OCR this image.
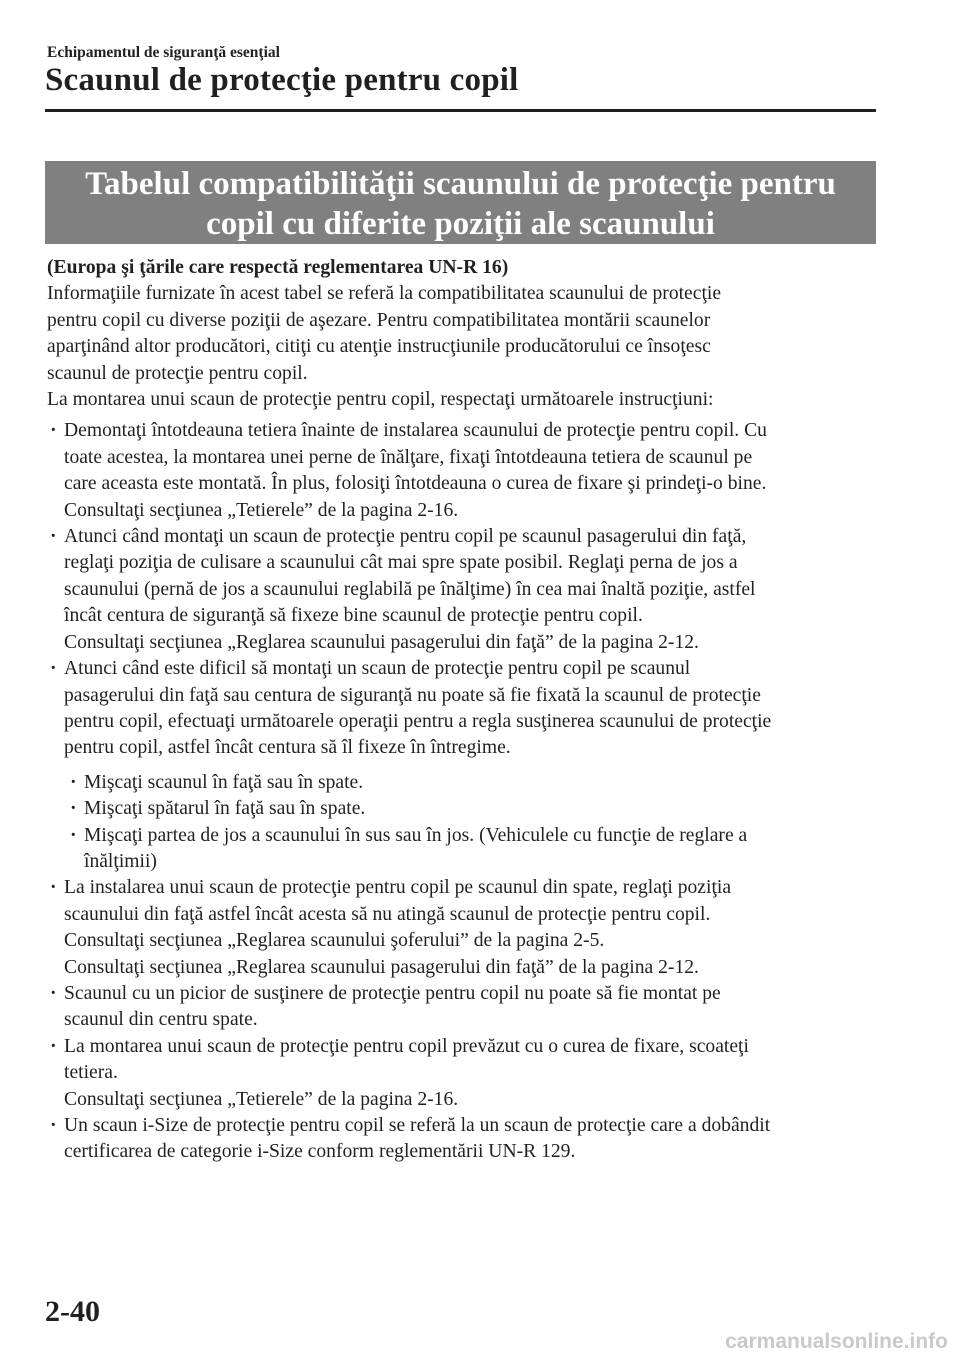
Echipamentul de siguranţă esenţial
Scaunul de protecţie pentru copil
Tabelul compatibilităţii scaunului de protecţie pentru
copil cu diferite poziţii ale scaunului

(Europa şi ţările care respectă reglementarea UN-R 16)

Informaţiile furnizate în acest tabel se referă la compatibilitatea scaunului de protecţie
pentru copil cu diverse poziţii de aşezare. Pentru compatibilitatea montării scaunelor
aparţinând altor producători, citiţi cu atenţie instrucţiunile producătorului ce însoţesc
scaunul de protecţie pentru copil.
La montarea unui scaun de protecţie pentru copil, respectaţi următoarele instrucţiuni:
· Demontaţi întotdeauna tetiera înainte de instalarea scaunului de protecţie pentru copil. Cu
toate acestea, la montarea unei perne de înălţare, fixaţi întotdeauna tetiera de scaunul pe
care aceasta este montată. În plus, folosiţi întotdeauna o curea de fixare şi prindeţi-o bine.
Consultaţi secţiunea „Tetierele” de la pagina 2-16.
· Atunci când montaţi un scaun de protecţie pentru copil pe scaunul pasagerului din faţă,
reglaţi poziţia de culisare a scaunului cât mai spre spate posibil. Reglaţi perna de jos a
scaunului (pernă de jos a scaunului reglabilă pe înălţime) în cea mai înaltă poziţie, astfel
încât centura de siguranţă să fixeze bine scaunul de protecţie pentru copil.
Consultaţi secţiunea „Reglarea scaunului pasagerului din faţă” de la pagina 2-12.
· Atunci când este dificil să montaţi un scaun de protecţie pentru copil pe scaunul
pasagerului din faţă sau centura de siguranţă nu poate să fie fixată la scaunul de protecţie
pentru copil, efectuaţi următoarele operaţii pentru a regla susţinerea scaunului de protecţie
pentru copil, astfel încât centura să îl fixeze în întregime.
· Mişcaţi scaunul în faţă sau în spate.
· Mişcaţi spătarul în faţă sau în spate.
· Mişcaţi partea de jos a scaunului în sus sau în jos. (Vehiculele cu funcţie de reglare a
înălţimii)
· La instalarea unui scaun de protecţie pentru copil pe scaunul din spate, reglaţi poziţia
scaunului din faţă astfel încât acesta să nu atingă scaunul de protecţie pentru copil.
Consultaţi secţiunea „Reglarea scaunului şoferului” de la pagina 2-5.
Consultaţi secţiunea „Reglarea scaunului pasagerului din faţă” de la pagina 2-12.
· Scaunul cu un picior de susţinere de protecţie pentru copil nu poate să fie montat pe
scaunul din centru spate.
· La montarea unui scaun de protecţie pentru copil prevăzut cu o curea de fixare, scoateţi
tetiera.
Consultaţi secţiunea „Tetierele” de la pagina 2-16.
· Un scaun i-Size de protecţie pentru copil se referă la un scaun de protecţie care a dobândit
certificarea de categorie i-Size conform reglementării UN-R 129.
2-40
carmanualsonline.info
